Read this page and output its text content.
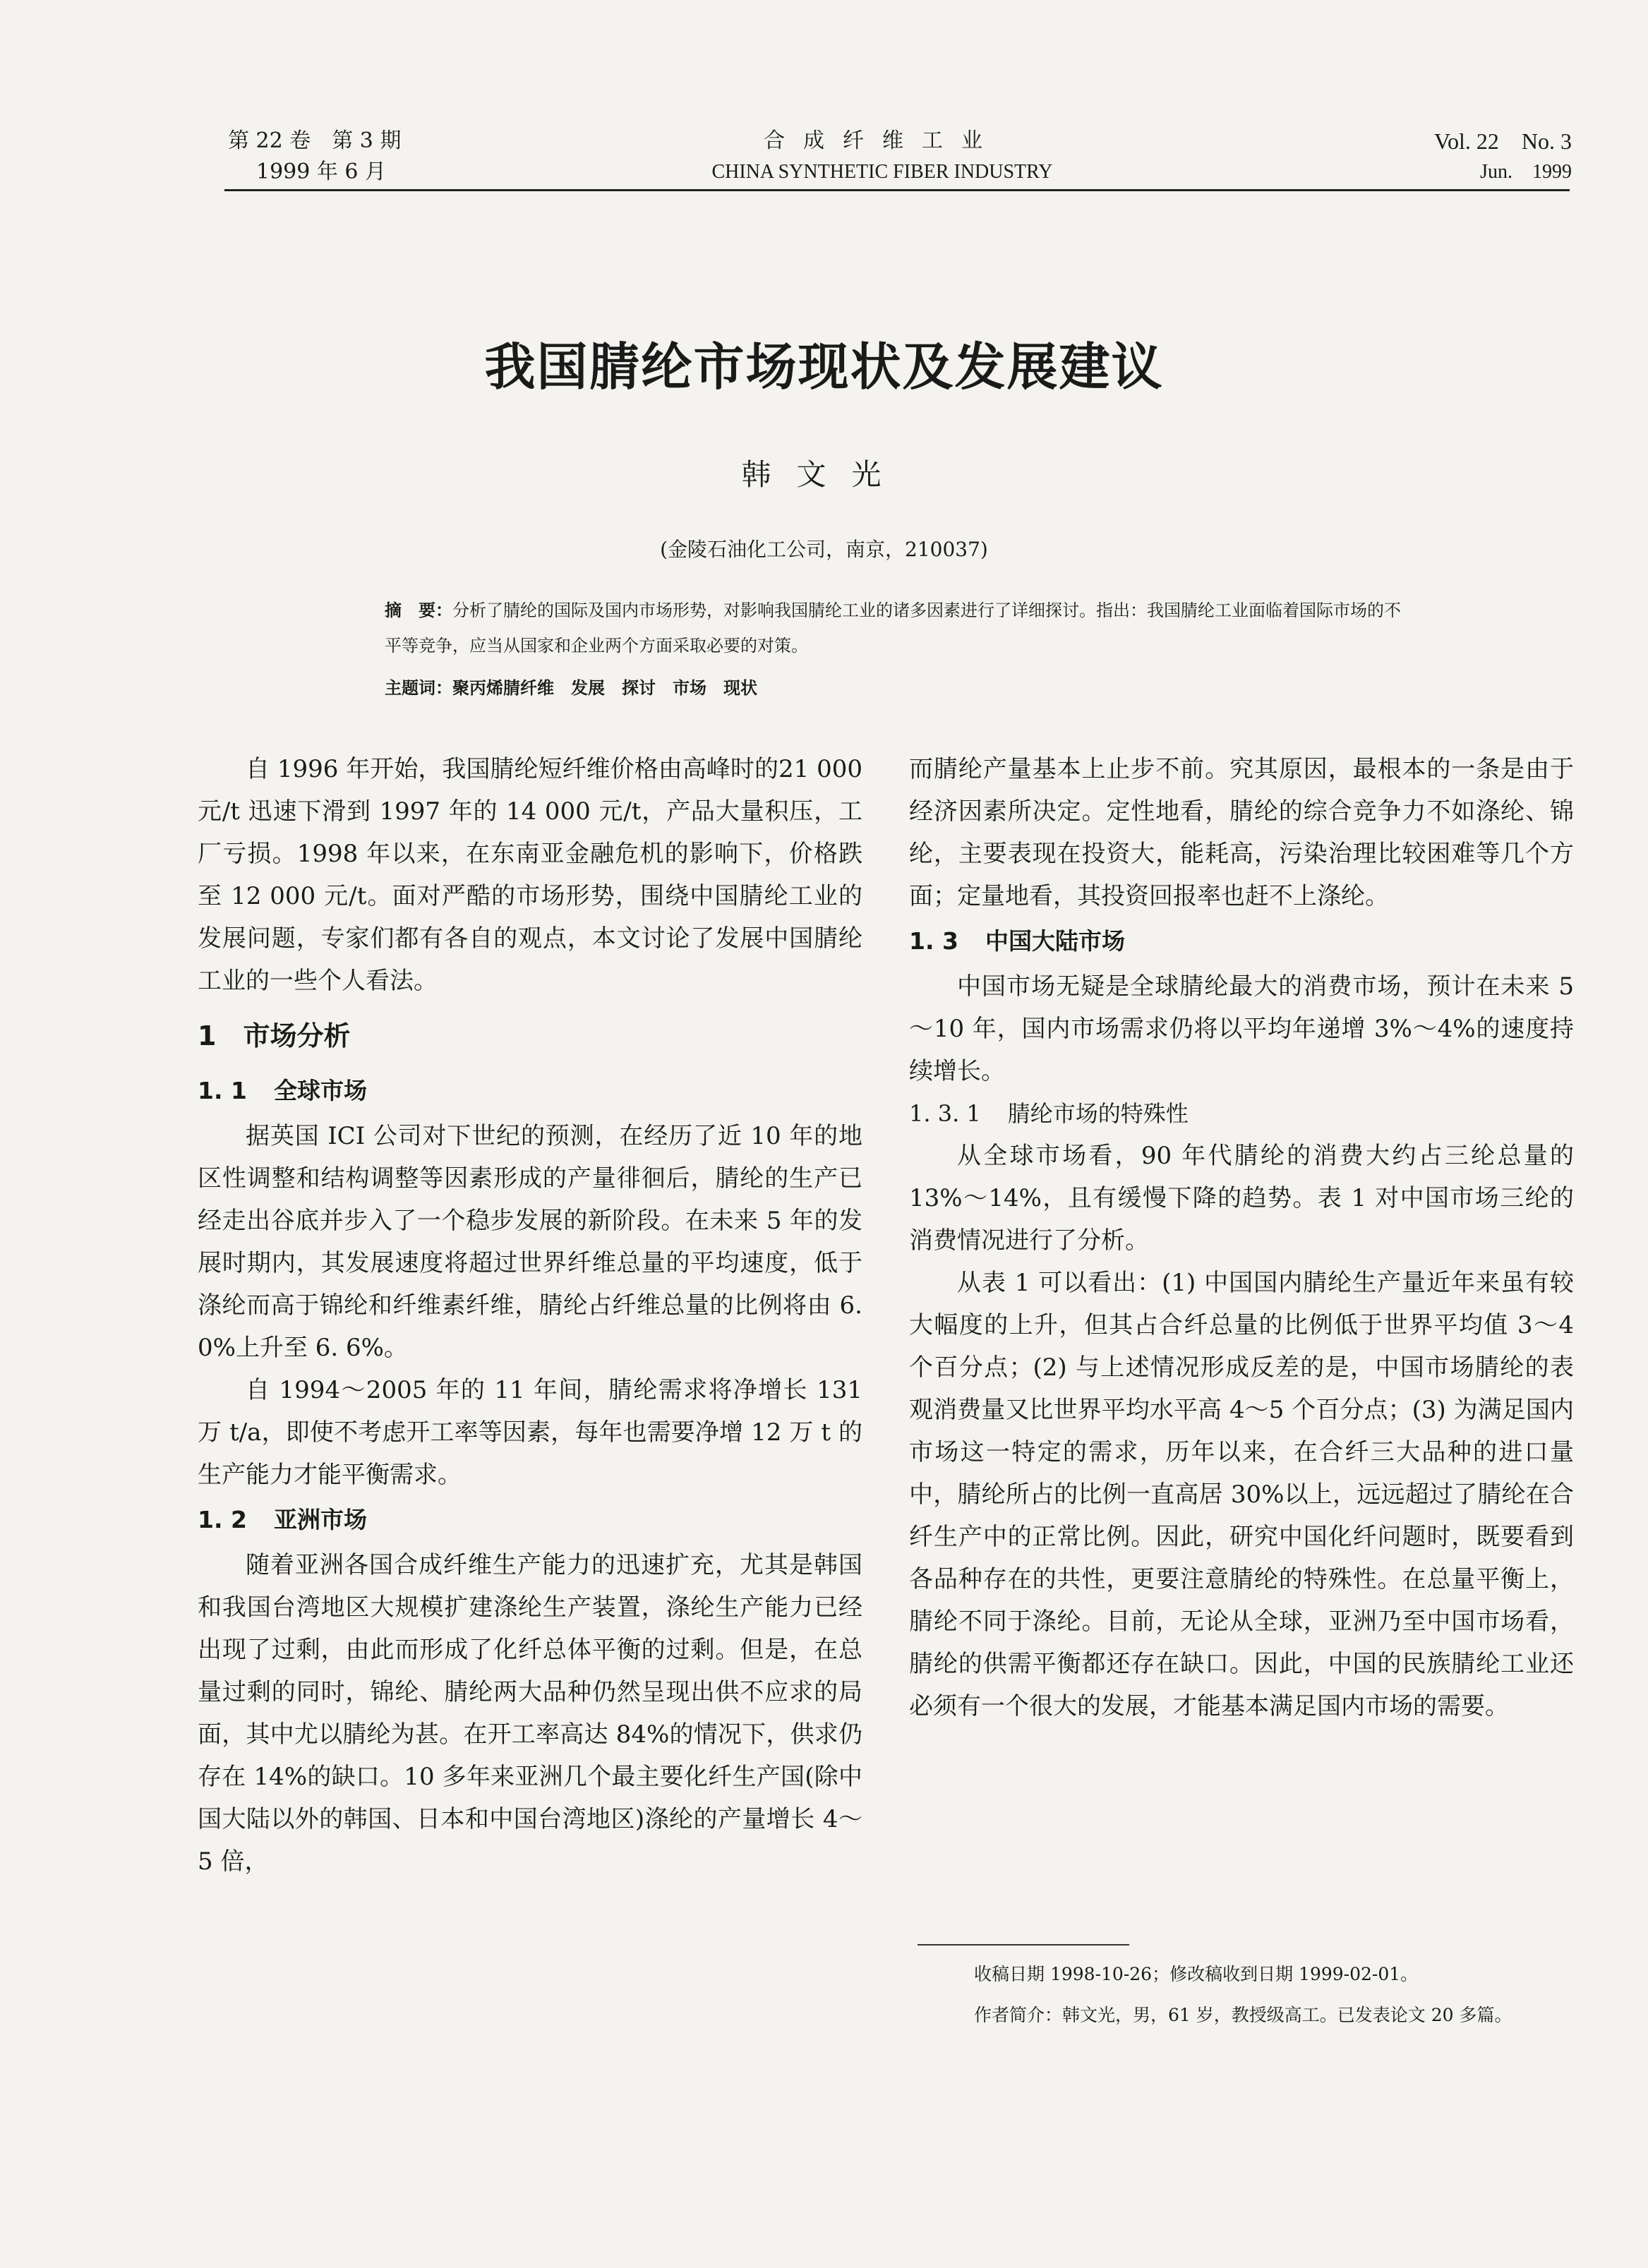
第 22 卷　第 3 期
1999 年 6 月
合成纤维工业
CHINA SYNTHETIC FIBER INDUSTRY
Vol. 22　No. 3
Jun.　1999
我国腈纶市场现状及发展建议
韩文光
(金陵石油化工公司，南京，210037)
摘　要：分析了腈纶的国际及国内市场形势，对影响我国腈纶工业的诸多因素进行了详细探讨。指出：我国腈纶工业面临着国际市场的不平等竞争，应当从国家和企业两个方面采取必要的对策。
主题词：聚丙烯腈纤维　发展　探讨　市场　现状

自 1996 年开始，我国腈纶短纤维价格由高峰时的21 000元/t 迅速下滑到 1997 年的 14 000 元/t，产品大量积压，工厂亏损。1998 年以来，在东南亚金融危机的影响下，价格跌至 12 000 元/t。面对严酷的市场形势，围绕中国腈纶工业的发展问题，专家们都有各自的观点，本文讨论了发展中国腈纶工业的一些个人看法。

1 市场分析
1. 1 全球市场

据英国 ICI 公司对下世纪的预测，在经历了近 10 年的地区性调整和结构调整等因素形成的产量徘徊后，腈纶的生产已经走出谷底并步入了一个稳步发展的新阶段。在未来 5 年的发展时期内，其发展速度将超过世界纤维总量的平均速度，低于涤纶而高于锦纶和纤维素纤维，腈纶占纤维总量的比例将由 6. 0%上升至 6. 6%。

自 1994～2005 年的 11 年间，腈纶需求将净增长 131 万 t/a，即使不考虑开工率等因素，每年也需要净增 12 万 t 的生产能力才能平衡需求。

1. 2 亚洲市场

随着亚洲各国合成纤维生产能力的迅速扩充，尤其是韩国和我国台湾地区大规模扩建涤纶生产装置，涤纶生产能力已经出现了过剩，由此而形成了化纤总体平衡的过剩。但是，在总量过剩的同时，锦纶、腈纶两大品种仍然呈现出供不应求的局面，其中尤以腈纶为甚。在开工率高达 84%的情况下，供求仍存在 14%的缺口。10 多年来亚洲几个最主要化纤生产国(除中国大陆以外的韩国、日本和中国台湾地区)涤纶的产量增长 4～5 倍，

而腈纶产量基本上止步不前。究其原因，最根本的一条是由于经济因素所决定。定性地看，腈纶的综合竞争力不如涤纶、锦纶，主要表现在投资大，能耗高，污染治理比较困难等几个方面；定量地看，其投资回报率也赶不上涤纶。

1. 3 中国大陆市场

中国市场无疑是全球腈纶最大的消费市场，预计在未来 5～10 年，国内市场需求仍将以平均年递增 3%～4%的速度持续增长。

1. 3. 1 腈纶市场的特殊性

从全球市场看，90 年代腈纶的消费大约占三纶总量的 13%～14%，且有缓慢下降的趋势。表 1 对中国市场三纶的消费情况进行了分析。

从表 1 可以看出：(1) 中国国内腈纶生产量近年来虽有较大幅度的上升，但其占合纤总量的比例低于世界平均值 3～4 个百分点；(2) 与上述情况形成反差的是，中国市场腈纶的表观消费量又比世界平均水平高 4～5 个百分点；(3) 为满足国内市场这一特定的需求，历年以来，在合纤三大品种的进口量中，腈纶所占的比例一直高居 30%以上，远远超过了腈纶在合纤生产中的正常比例。因此，研究中国化纤问题时，既要看到各品种存在的共性，更要注意腈纶的特殊性。在总量平衡上，腈纶不同于涤纶。目前，无论从全球，亚洲乃至中国市场看，腈纶的供需平衡都还存在缺口。因此，中国的民族腈纶工业还必须有一个很大的发展，才能基本满足国内市场的需要。

收稿日期 1998-10-26；修改稿收到日期 1999-02-01。
作者简介：韩文光，男，61 岁，教授级高工。已发表论文 20 多篇。
